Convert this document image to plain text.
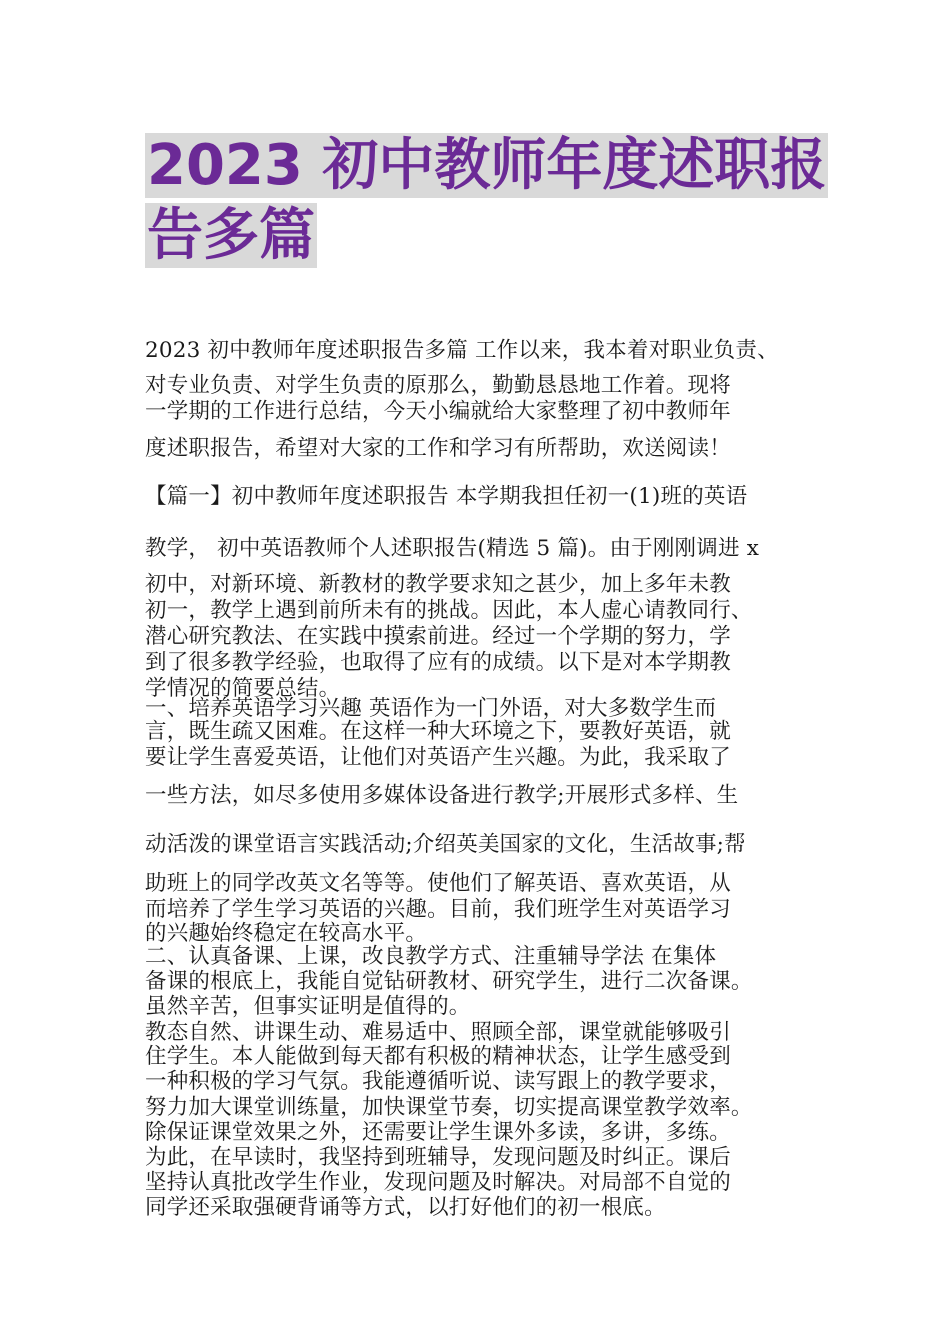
2023 初中教师年度述职报
告多篇
2023 初中教师年度述职报告多篇 工作以来，我本着对职业负责、
对专业负责、对学生负责的原那么，勤勤恳恳地工作着。现将
一学期的工作进行总结，今天小编就给大家整理了初中教师年
度述职报告，希望对大家的工作和学习有所帮助，欢送阅读！
【篇一】初中教师年度述职报告 本学期我担任初一(1)班的英语
教学， 初中英语教师个人述职报告(精选 5 篇)。由于刚刚调进 x
初中，对新环境、新教材的教学要求知之甚少，加上多年未教
初一，教学上遇到前所未有的挑战。因此，本人虚心请教同行、
潜心研究教法、在实践中摸索前进。经过一个学期的努力，学
到了很多教学经验，也取得了应有的成绩。以下是对本学期教
学情况的简要总结。
一、培养英语学习兴趣 英语作为一门外语，对大多数学生而
言，既生疏又困难。在这样一种大环境之下，要教好英语，就
要让学生喜爱英语，让他们对英语产生兴趣。为此，我采取了
一些方法，如尽多使用多媒体设备进行教学;开展形式多样、生
动活泼的课堂语言实践活动;介绍英美国家的文化，生活故事;帮
助班上的同学改英文名等等。使他们了解英语、喜欢英语，从
而培养了学生学习英语的兴趣。目前，我们班学生对英语学习
的兴趣始终稳定在较高水平。
二、认真备课、上课，改良教学方式、注重辅导学法 在集体
备课的根底上，我能自觉钻研教材、研究学生，进行二次备课。
虽然辛苦，但事实证明是值得的。
教态自然、讲课生动、难易适中、照顾全部，课堂就能够吸引
住学生。本人能做到每天都有积极的精神状态，让学生感受到
一种积极的学习气氛。我能遵循听说、读写跟上的教学要求，
努力加大课堂训练量，加快课堂节奏，切实提高课堂教学效率。
除保证课堂效果之外，还需要让学生课外多读，多讲，多练。
为此，在早读时，我坚持到班辅导，发现问题及时纠正。课后
坚持认真批改学生作业，发现问题及时解决。对局部不自觉的
同学还采取强硬背诵等方式，以打好他们的初一根底。
